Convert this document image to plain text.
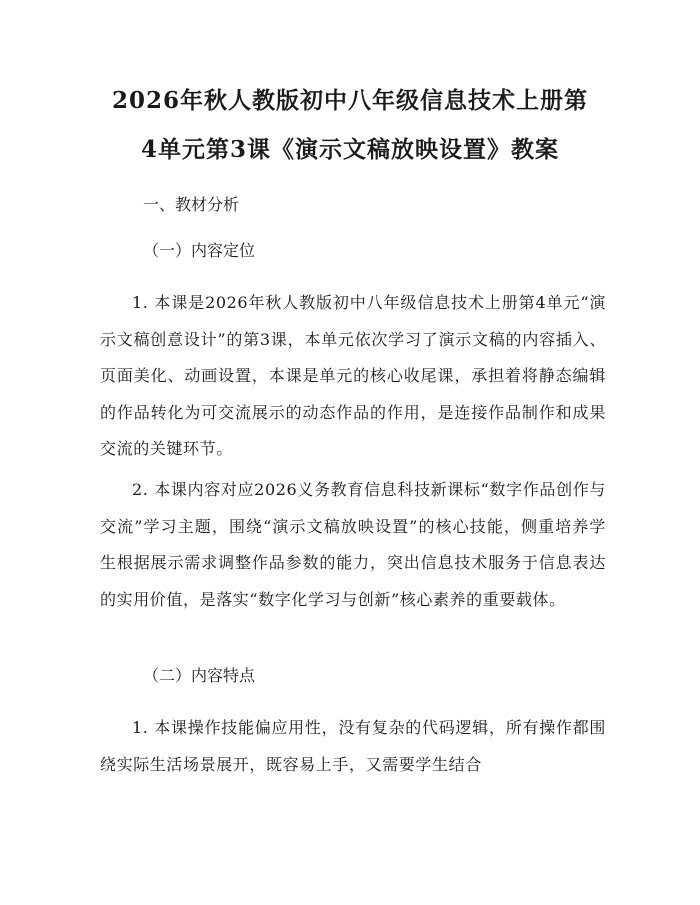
2026年秋人教版初中八年级信息技术上册第
4单元第3课《演示文稿放映设置》教案

一、教材分析

（一）内容定位

1. 本课是2026年秋人教版初中八年级信息技术上册第4单元“演示文稿创意设计”的第3课，本单元依次学习了演示文稿的内容插入、页面美化、动画设置，本课是单元的核心收尾课，承担着将静态编辑的作品转化为可交流展示的动态作品的作用，是连接作品制作和成果交流的关键环节。

2. 本课内容对应2026义务教育信息科技新课标“数字作品创作与交流”学习主题，围绕“演示文稿放映设置”的核心技能，侧重培养学生根据展示需求调整作品参数的能力，突出信息技术服务于信息表达的实用价值，是落实“数字化学习与创新”核心素养的重要载体。

（二）内容特点

1. 本课操作技能偏应用性，没有复杂的代码逻辑，所有操作都围绕实际生活场景展开，既容易上手，又需要学生结合
